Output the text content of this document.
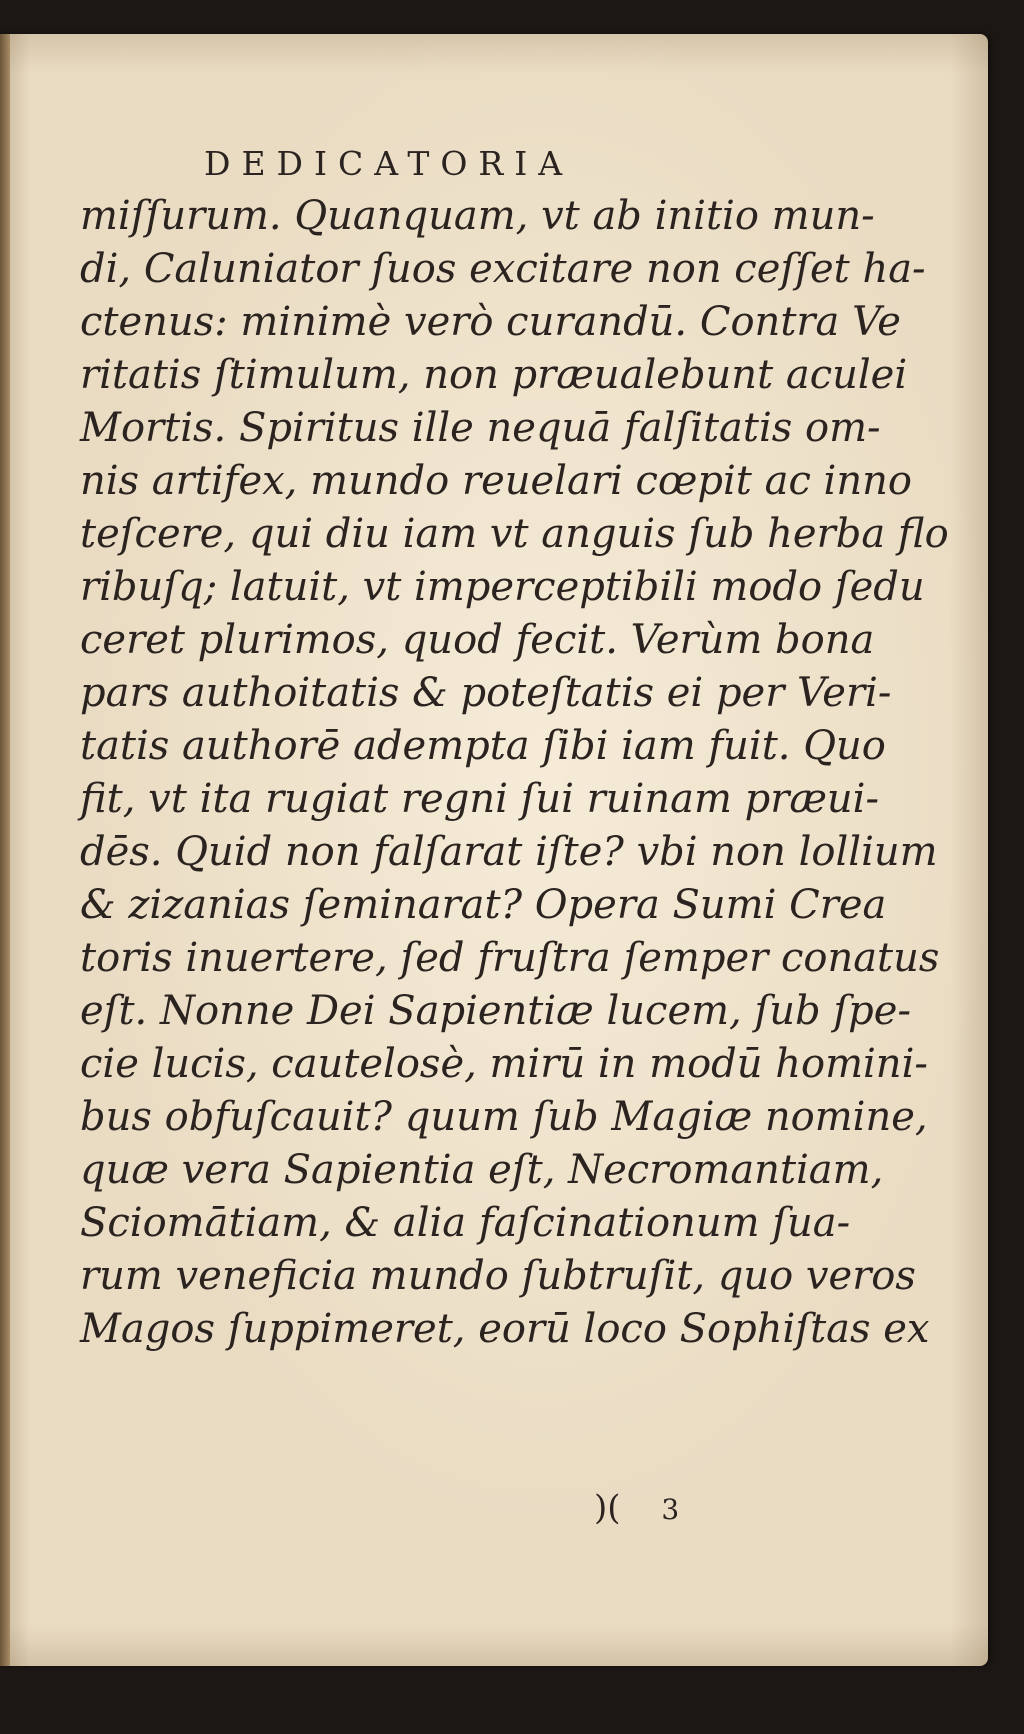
DEDICATORIA
miſſurum. Quanquam, vt ab initio mun-
di, Caluniator ſuos excitare non ceſſet ha-
ctenus: minimè verò curandū. Contra Ve
ritatis ſtimulum, non præualebunt aculei
Mortis. Spiritus ille nequā falſitatis om-
nis artifex, mundo reuelari cœpit ac inno
teſcere, qui diu iam vt anguis ſub herba flo
ribuſq; latuit, vt imperceptibili modo ſedu
ceret plurimos, quod fecit. Verùm bona
pars authoitatis & poteſtatis ei per Veri-
tatis authorē adempta ſibi iam fuit. Quo
fit, vt ita rugiat regni ſui ruinam præui-
dēs. Quid non falſarat iſte? vbi non lollium
& zizanias ſeminarat? Opera Sumi Crea
toris inuertere, ſed fruſtra ſemper conatus
eſt. Nonne Dei Sapientiæ lucem, ſub ſpe-
cie lucis, cautelosè, mirū in modū homini-
bus obfuſcauit? quum ſub Magiæ nomine,
quæ vera Sapientia eſt, Necromantiam,
Sciomātiam, & alia faſcinationum ſua-
rum veneficia mundo ſubtruſit, quo veros
Magos ſuppimeret, eorū loco Sophiſtas ex
)( 3
